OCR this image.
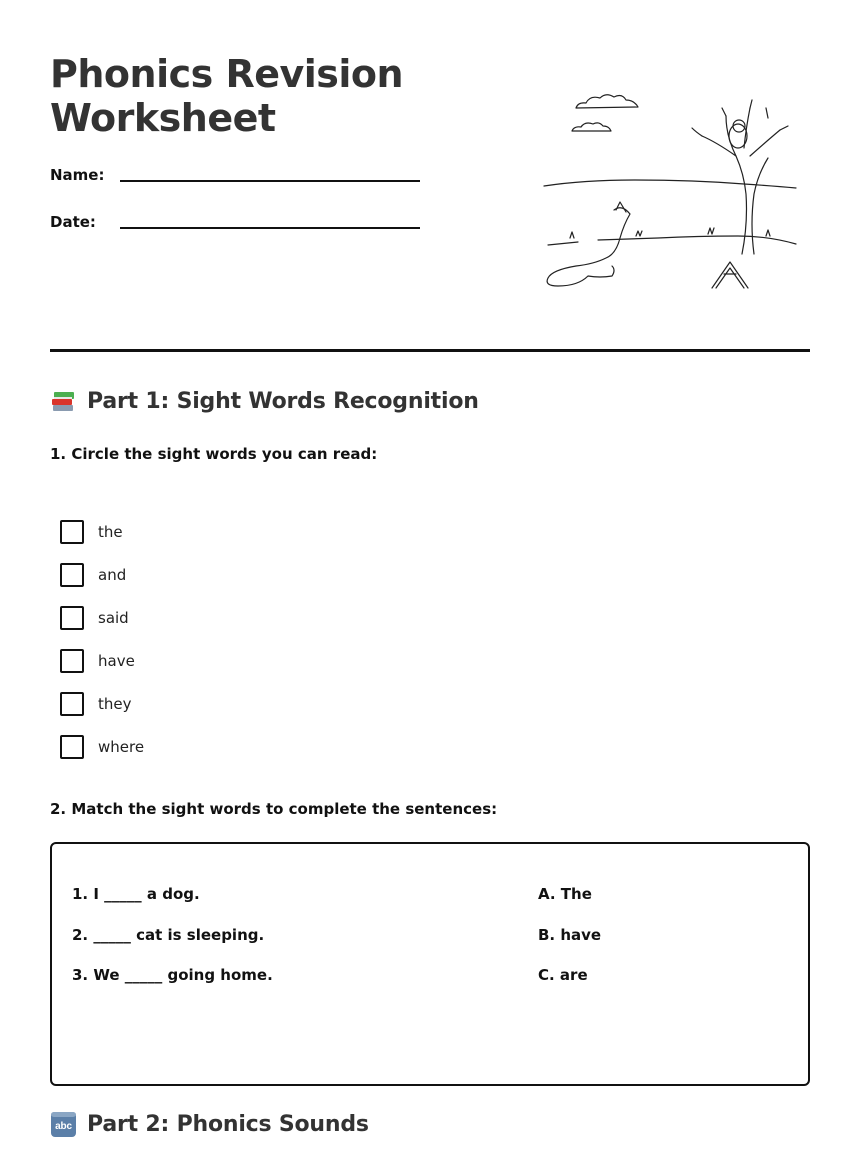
Phonics Revision
Worksheet
Name:
Date:
Part 1: Sight Words Recognition

1. Circle the sight words you can read:

the
and
said
have
they
where

2. Match the sight words to complete the sentences:

1. I _____ a dog.
2. _____ cat is sleeping.
3. We _____ going home.
A. The
B. have
C. are
abc Part 2: Phonics Sounds
